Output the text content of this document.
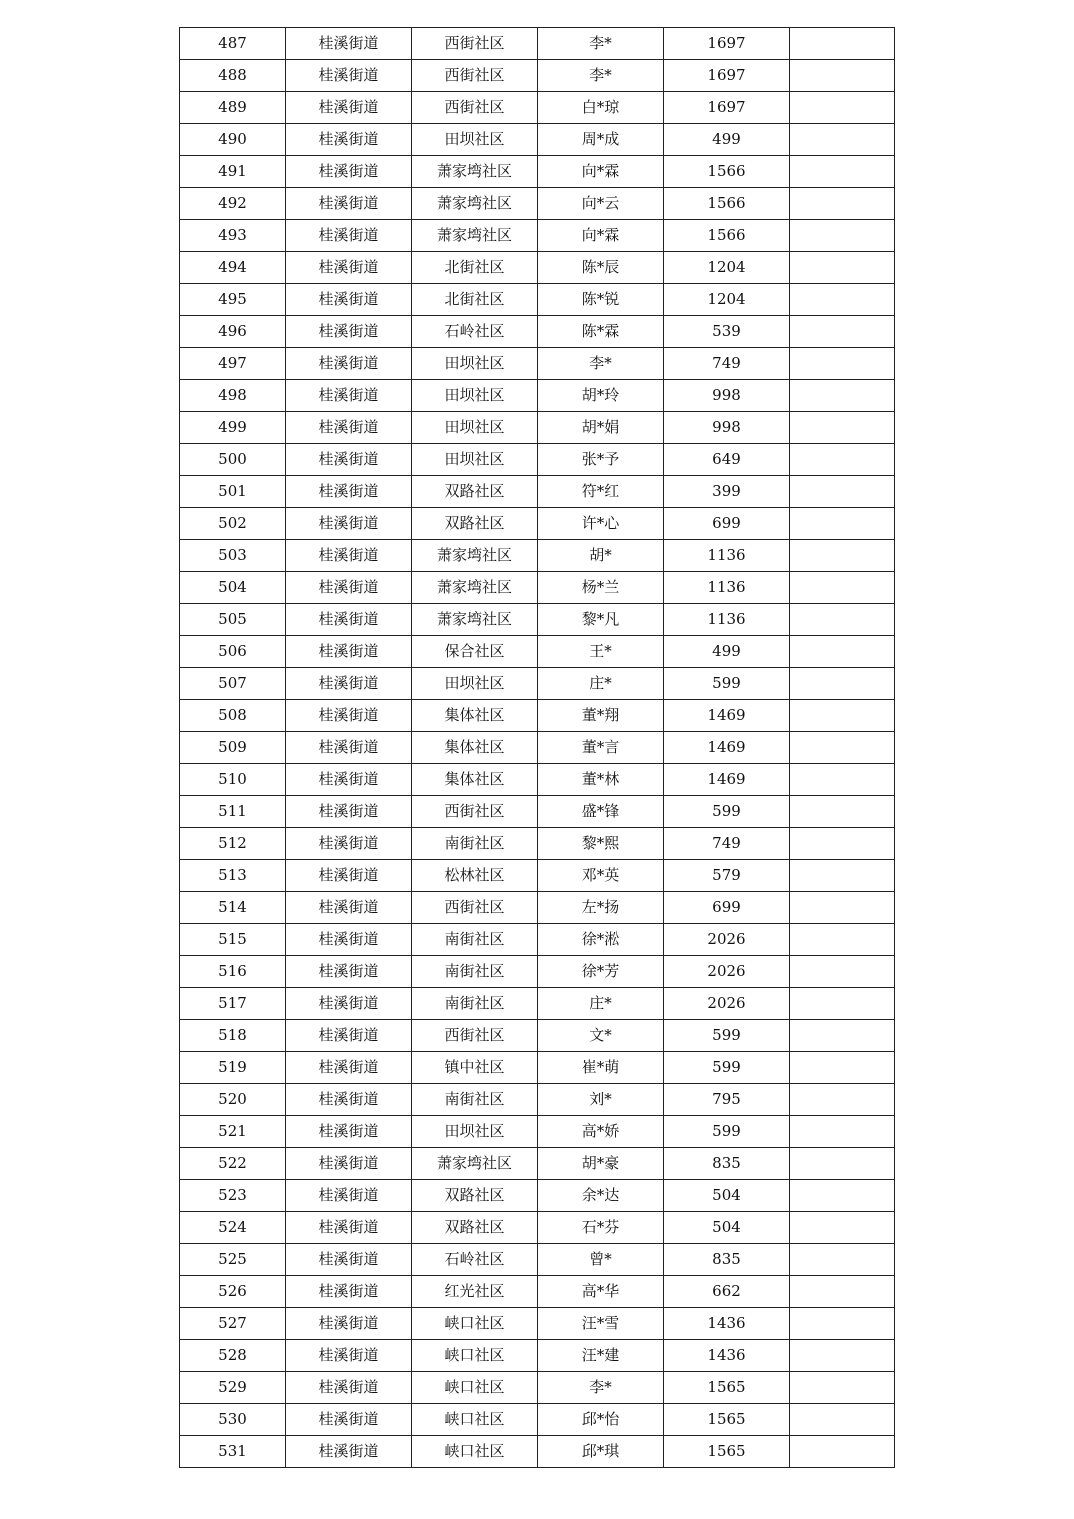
487	桂溪街道	西街社区	李*	1697	
488	桂溪街道	西街社区	李*	1697	
489	桂溪街道	西街社区	白*琼	1697	
490	桂溪街道	田坝社区	周*成	499	
491	桂溪街道	萧家塆社区	向*霖	1566	
492	桂溪街道	萧家塆社区	向*云	1566	
493	桂溪街道	萧家塆社区	向*霖	1566	
494	桂溪街道	北街社区	陈*辰	1204	
495	桂溪街道	北街社区	陈*锐	1204	
496	桂溪街道	石岭社区	陈*霖	539	
497	桂溪街道	田坝社区	李*	749	
498	桂溪街道	田坝社区	胡*玲	998	
499	桂溪街道	田坝社区	胡*娟	998	
500	桂溪街道	田坝社区	张*予	649	
501	桂溪街道	双路社区	符*红	399	
502	桂溪街道	双路社区	许*心	699	
503	桂溪街道	萧家塆社区	胡*	1136	
504	桂溪街道	萧家塆社区	杨*兰	1136	
505	桂溪街道	萧家塆社区	黎*凡	1136	
506	桂溪街道	保合社区	王*	499	
507	桂溪街道	田坝社区	庄*	599	
508	桂溪街道	集体社区	董*翔	1469	
509	桂溪街道	集体社区	董*言	1469	
510	桂溪街道	集体社区	董*林	1469	
511	桂溪街道	西街社区	盛*锋	599	
512	桂溪街道	南街社区	黎*熙	749	
513	桂溪街道	松林社区	邓*英	579	
514	桂溪街道	西街社区	左*扬	699	
515	桂溪街道	南街社区	徐*淞	2026	
516	桂溪街道	南街社区	徐*芳	2026	
517	桂溪街道	南街社区	庄*	2026	
518	桂溪街道	西街社区	文*	599	
519	桂溪街道	镇中社区	崔*萌	599	
520	桂溪街道	南街社区	刘*	795	
521	桂溪街道	田坝社区	高*娇	599	
522	桂溪街道	萧家塆社区	胡*豪	835	
523	桂溪街道	双路社区	余*达	504	
524	桂溪街道	双路社区	石*芬	504	
525	桂溪街道	石岭社区	曾*	835	
526	桂溪街道	红光社区	高*华	662	
527	桂溪街道	峡口社区	汪*雪	1436	
528	桂溪街道	峡口社区	汪*建	1436	
529	桂溪街道	峡口社区	李*	1565	
530	桂溪街道	峡口社区	邱*怡	1565	
531	桂溪街道	峡口社区	邱*琪	1565	
